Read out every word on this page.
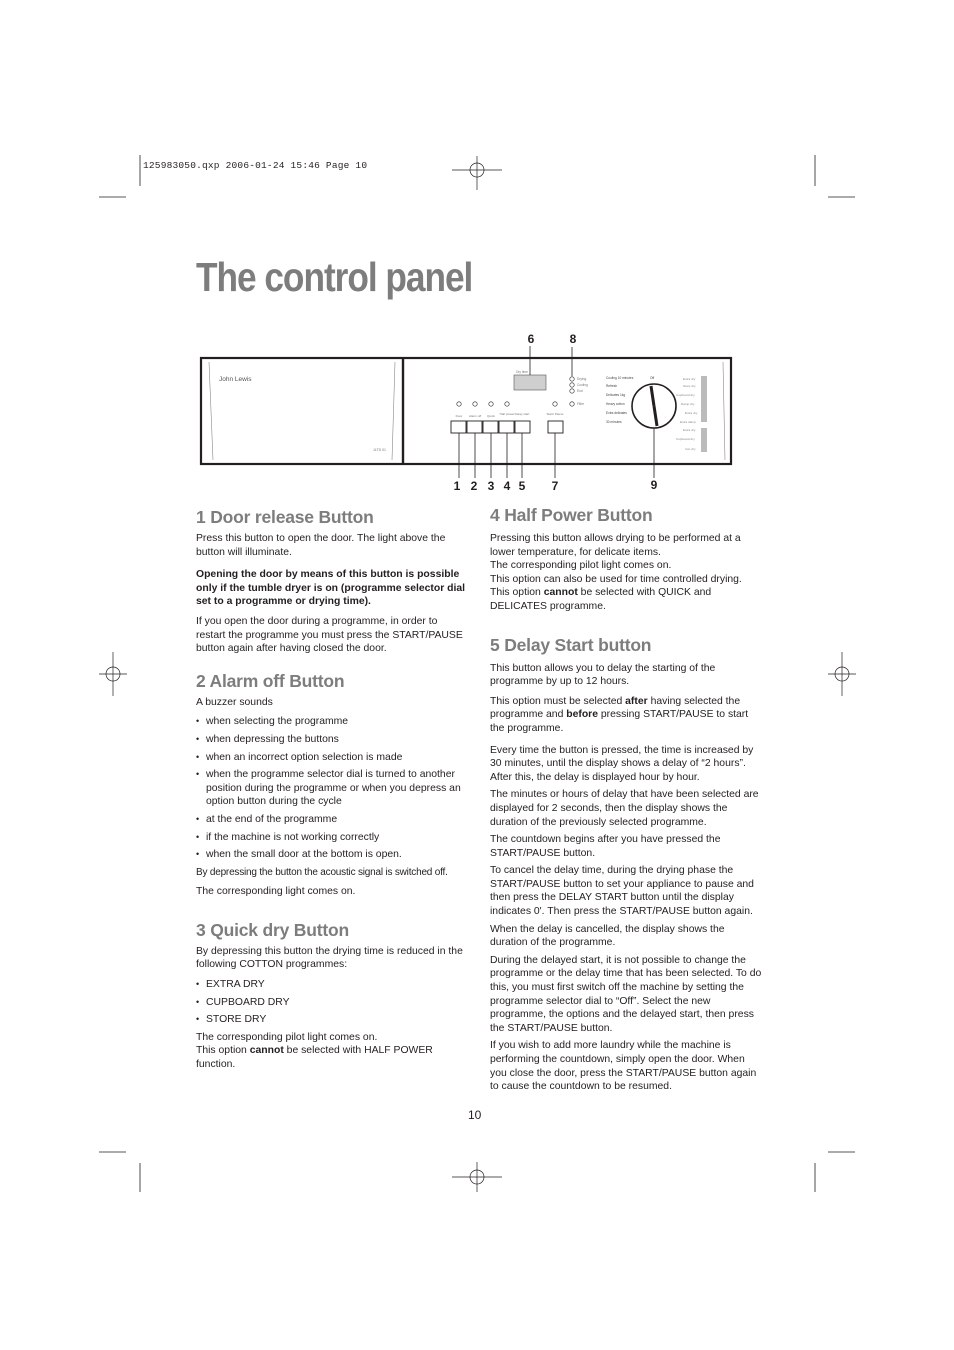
125983050.qxp 2006-01-24 15:46 Page 10
The control panel
John Lewis
JLTD 01
Dry time
Drying
Cooling
End
Filter
Door Alarm off Quick Half power Delay start	Start/ Pause
Cooling 10 minutes
Refresh
Delicates 1kg
Heavy cotton
Extra delicates
30 minutes
Off	Extra dry
Store dry
Cupboard dry
Damp dry
Extra dry
Extra damp
Extra dry
Cupboard dry
Iron dry
1 2 3 4 5
6
7
8
9
1 Door release Button

Press this button to open the door. The light above the button will illuminate.

Opening the door by means of this button is possible only if the tumble dryer is on (programme selector dial set to a programme or drying time).

If you open the door during a programme, in order to restart the programme you must press the START/PAUSE button again after having closed the door.

2 Alarm off Button

A buzzer sounds

• when selecting the programme
• when depressing the buttons
• when an incorrect option selection is made
• when the programme selector dial is turned to another position during the programme or when you depress an option button during the cycle
• at the end of the programme
• if the machine is not working correctly
• when the small door at the bottom is open.

By depressing the button the acoustic signal is switched off.

The corresponding light comes on.

3 Quick dry Button

By depressing this button the drying time is reduced in the following COTTON programmes:

• EXTRA DRY
• CUPBOARD DRY
• STORE DRY

The corresponding pilot light comes on.

This option cannot be selected with HALF POWER function.

4 Half Power Button

Pressing this button allows drying to be performed at a lower temperature, for delicate items.

The corresponding pilot light comes on.

This option can also be used for time controlled drying.

This option cannot be selected with QUICK and DELICATES programme.

5 Delay Start button

This button allows you to delay the starting of the programme by up to 12 hours.

This option must be selected after having selected the programme and before pressing START/PAUSE to start the programme.

Every time the button is pressed, the time is increased by 30 minutes, until the display shows a delay of “2 hours”. After this, the delay is displayed hour by hour.

The minutes or hours of delay that have been selected are displayed for 2 seconds, then the display shows the duration of the previously selected programme.

The countdown begins after you have pressed the START/PAUSE button.

To cancel the delay time, during the drying phase the START/PAUSE button to set your appliance to pause and then press the DELAY START button until the display indicates 0'. Then press the START/PAUSE button again.

When the delay is cancelled, the display shows the duration of the programme.

During the delayed start, it is not possible to change the programme or the delay time that has been selected. To do this, you must first switch off the machine by setting the programme selector dial to “Off”. Select the new programme, the options and the delayed start, then press the START/PAUSE button.

If you wish to add more laundry while the machine is performing the countdown, simply open the door. When you close the door, press the START/PAUSE button again to cause the countdown to be resumed.

10
